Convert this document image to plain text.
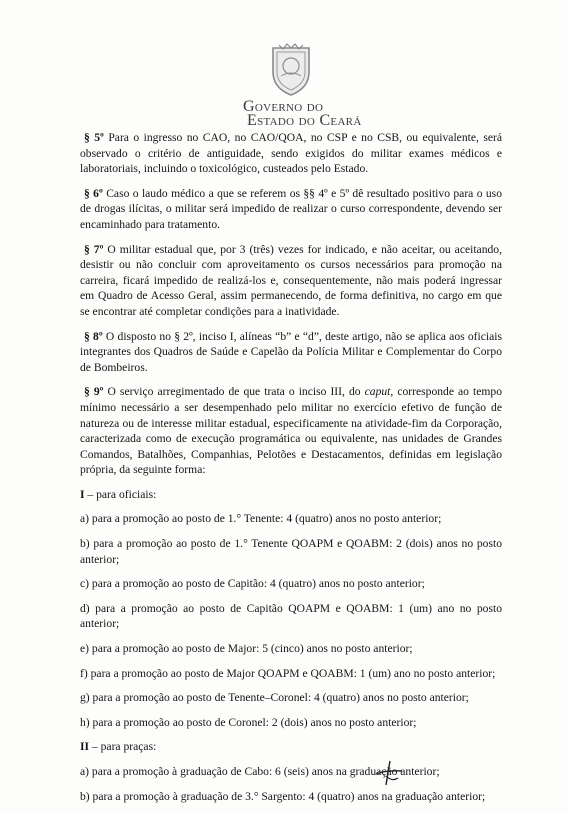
Governo do
Estado do Ceará

§ 5º Para o ingresso no CAO, no CAO/QOA, no CSP e no CSB, ou equivalente, será observado o critério de antiguidade, sendo exigidos do militar exames médicos e laboratoriais, incluindo o toxicológico, custeados pelo Estado.

§ 6º Caso o laudo médico a que se referem os §§ 4º e 5º dê resultado positivo para o uso de drogas ilícitas, o militar será impedido de realizar o curso correspondente, devendo ser encaminhado para tratamento.

§ 7º O militar estadual que, por 3 (três) vezes for indicado, e não aceitar, ou aceitando, desistir ou não concluir com aproveitamento os cursos necessários para promoção na carreira, ficará impedido de realizá-los e, consequentemente, não mais poderá ingressar em Quadro de Acesso Geral, assim permanecendo, de forma definitiva, no cargo em que se encontrar até completar condições para a inatividade.

§ 8º O disposto no § 2º, inciso I, alíneas “b” e “d”, deste artigo, não se aplica aos oficiais integrantes dos Quadros de Saúde e Capelão da Polícia Militar e Complementar do Corpo de Bombeiros.

§ 9º O serviço arregimentado de que trata o inciso III, do caput, corresponde ao tempo mínimo necessário a ser desempenhado pelo militar no exercício efetivo de função de natureza ou de interesse militar estadual, especificamente na atividade-fim da Corporação, caracterizada como de execução programática ou equivalente, nas unidades de Grandes Comandos, Batalhões, Companhias, Pelotões e Destacamentos, definidas em legislação própria, da seguinte forma:

I – para oficiais:

a) para a promoção ao posto de 1.° Tenente: 4 (quatro) anos no posto anterior;

b) para a promoção ao posto de 1.° Tenente QOAPM e QOABM: 2 (dois) anos no posto anterior;

c) para a promoção ao posto de Capitão: 4 (quatro) anos no posto anterior;

d) para a promoção ao posto de Capitão QOAPM e QOABM: 1 (um) ano no posto anterior;

e) para a promoção ao posto de Major: 5 (cinco) anos no posto anterior;

f) para a promoção ao posto de Major QOAPM e QOABM: 1 (um) ano no posto anterior;

g) para a promoção ao posto de Tenente–Coronel: 4 (quatro) anos no posto anterior;

h) para a promoção ao posto de Coronel: 2 (dois) anos no posto anterior;

II – para praças:

a) para a promoção à graduação de Cabo: 6 (seis) anos na graduação anterior;

b) para a promoção à graduação de 3.° Sargento: 4 (quatro) anos na graduação anterior;
